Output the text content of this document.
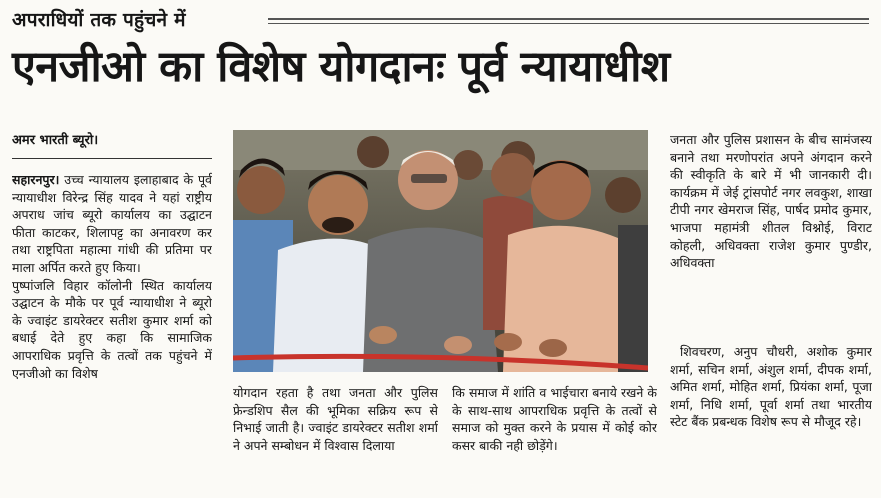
अपराधियों तक पहुंचने में
एनजीओ का विशेष योगदानः पूर्व न्यायाधीश
अमर भारती ब्यूरो।

सहारनपुर। उच्च न्यायालय इलाहाबाद के पूर्व न्यायाधीश विरेन्द्र सिंह यादव ने यहां राष्ट्रीय अपराध जांच ब्यूरो कार्यालय का उद्घाटन फीता काटकर, शिलापट्ट का अनावरण कर तथा राष्ट्रपिता महात्मा गांधी की प्रतिमा पर माला अर्पित करते हुए किया।

पुष्पांजलि विहार कॉलोनी स्थित कार्यालय उद्घाटन के मौके पर पूर्व न्यायाधीश ने ब्यूरो के ज्वाइंट डायरेक्टर सतीश कुमार शर्मा को बधाई देते हुए कहा कि सामाजिक आपराधिक प्रवृत्ति के तत्वों तक पहुंचने में एनजीओ का विशेष

योगदान रहता है तथा जनता और पुलिस फ्रेन्डशिप सैल की भूमिका सक्रिय रूप से निभाई जाती है। ज्वाइंट डायरेक्टर सतीश शर्मा ने अपने सम्बोधन में विश्वास दिलाया

कि समाज में शांति व भाईचारा बनाये रखने के के साथ-साथ आपराधिक प्रवृत्ति के तत्वों से समाज को मुक्त करने के प्रयास में कोई कोर कसर बाकी नही छोड़ेंगे।

जनता और पुलिस प्रशासन के बीच सामंजस्य बनाने तथा मरणोपरांत अपने अंगदान करने की स्वीकृति के बारे में भी जानकारी दी। कार्यक्रम में जेई ट्रांसपोर्ट नगर लवकुश, शाखा टीपी नगर खेमराज सिंह, पार्षद प्रमोद कुमार, भाजपा महामंत्री शीतल विश्नोई, विराट कोहली, अधिवक्ता राजेश कुमार पुण्डीर, अधिवक्ता

शिवचरण, अनुप चौधरी, अशोक कुमार शर्मा, सचिन शर्मा, अंशुल शर्मा, दीपक शर्मा, अमित शर्मा, मोहित शर्मा, प्रियंका शर्मा, पूजा शर्मा, निधि शर्मा, पूर्वा शर्मा तथा भारतीय स्टेट बैंक प्रबन्धक विशेष रूप से मौजूद रहे।
